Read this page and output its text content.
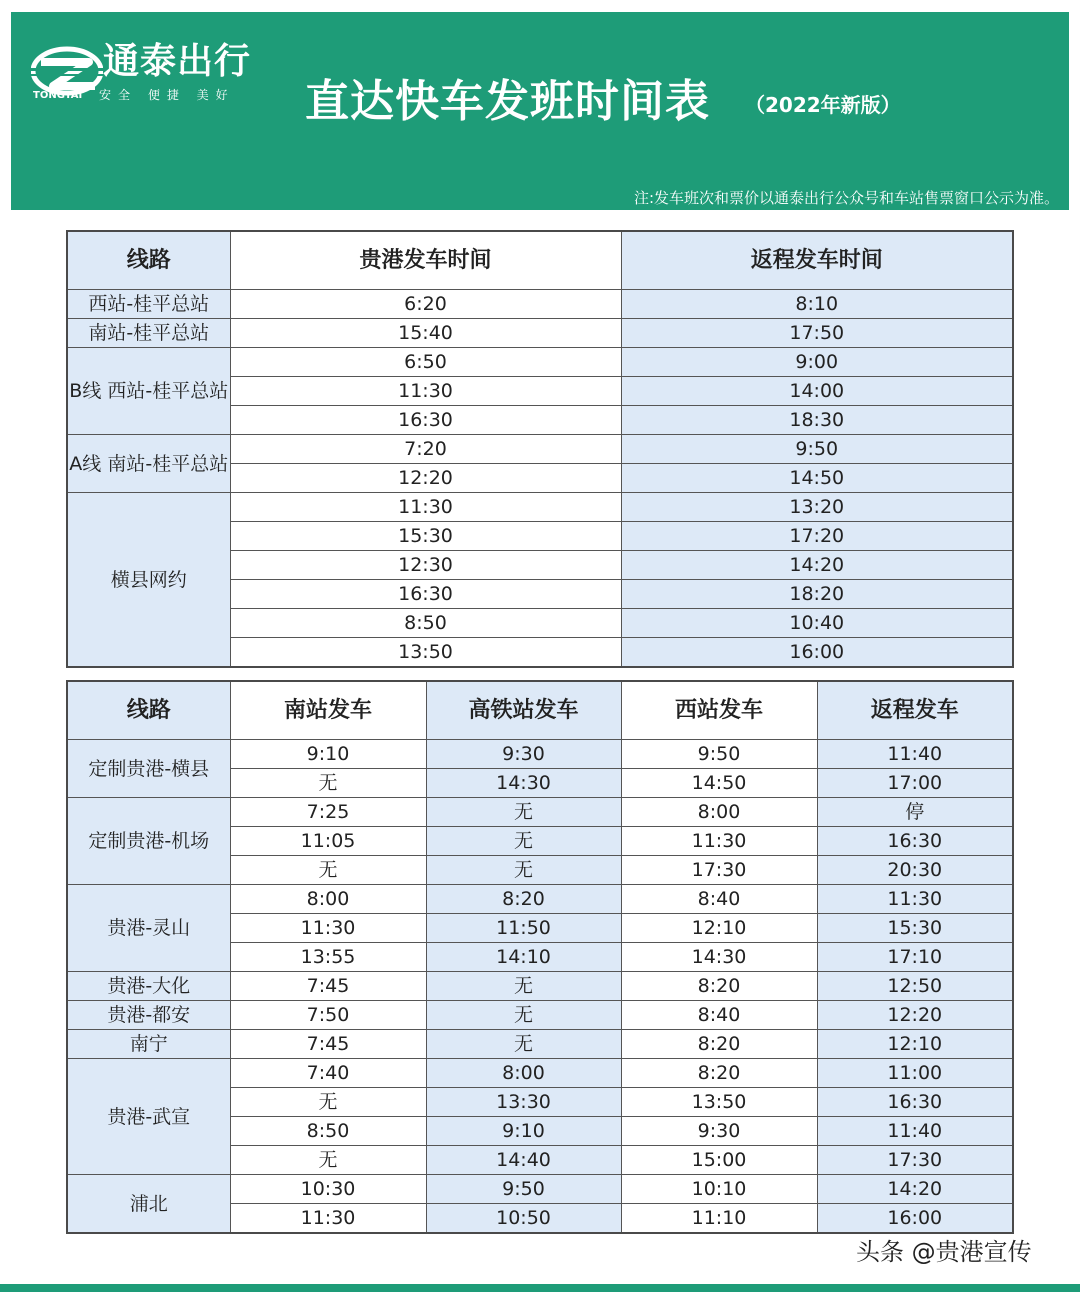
通泰出行
TONGTAI 安全 便捷 美好 直达快车发班时间表 （2022年新版）
注:发车班次和票价以通泰出行公众号和车站售票窗口公示为准。
线路	贵港发车时间	返程发车时间
西站-桂平总站	6:20	8:10
南站-桂平总站	15:40	17:50
B线 西站-桂平总站	6:50	9:00
	11:30	14:00
	16:30	18:30
A线 南站-桂平总站	7:20	9:50
	12:20	14:50
横县网约	11:30	13:20
	15:30	17:20
	12:30	14:20
	16:30	18:20
	8:50	10:40
	13:50	16:00
线路	南站发车	高铁站发车	西站发车	返程发车
定制贵港-横县	9:10	9:30	9:50	11:40
	无	14:30	14:50	17:00
定制贵港-机场	7:25	无	8:00	停
	11:05	无	11:30	16:30
	无	无	17:30	20:30
贵港-灵山	8:00	8:20	8:40	11:30
	11:30	11:50	12:10	15:30
	13:55	14:10	14:30	17:10
贵港-大化	7:45	无	8:20	12:50
贵港-都安	7:50	无	8:40	12:20
南宁	7:45	无	8:20	12:10
贵港-武宣	7:40	8:00	8:20	11:00
	无	13:30	13:50	16:30
	8:50	9:10	9:30	11:40
	无	14:40	15:00	17:30
浦北	10:30	9:50	10:10	14:20
	11:30	10:50	11:10	16:00
头条 @贵港宣传
